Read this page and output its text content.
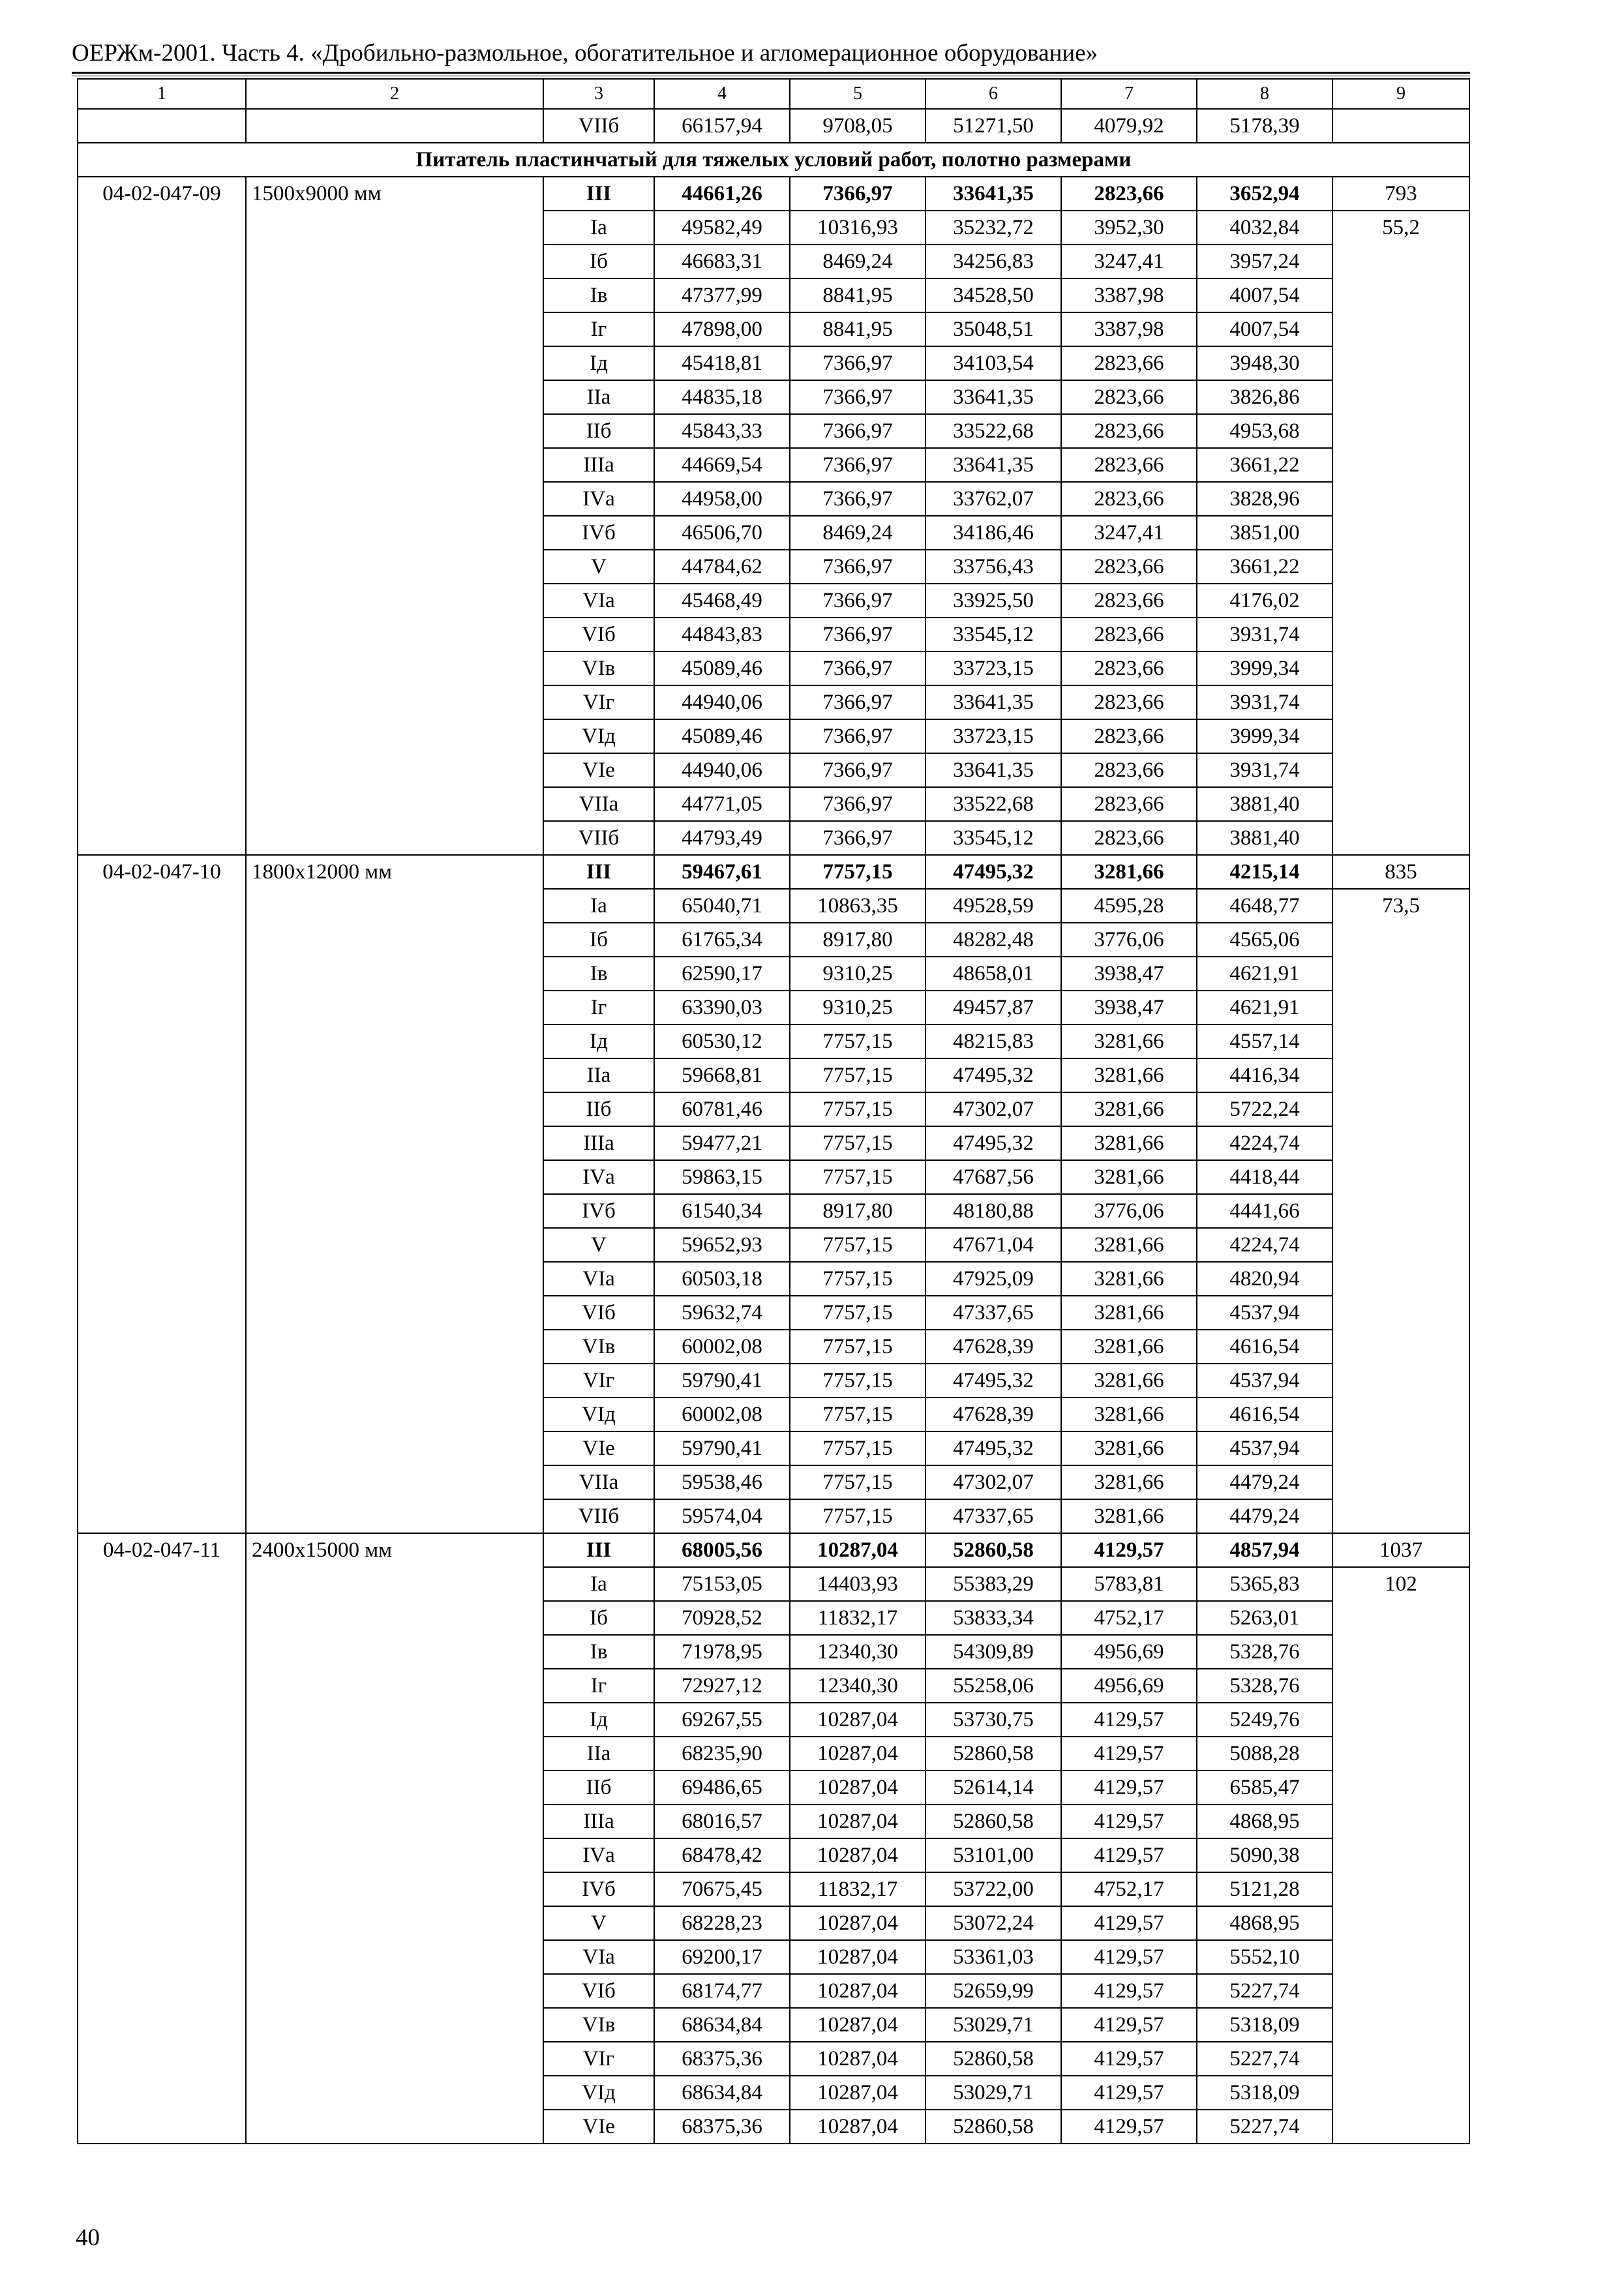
ОЕРЖм-2001. Часть 4. «Дробильно-размольное, обогатительное и агломерационное оборудование»
1	2	3	4	5	6	7	8	9
		VIIб	66157,94	9708,05	51271,50	4079,92	5178,39	
Питатель пластинчатый для тяжелых условий работ, полотно размерами								
04-02-047-09	1500х9000 мм	III	44661,26	7366,97	33641,35	2823,66	3652,94	793
		Iа	49582,49	10316,93	35232,72	3952,30	4032,84	55,2
		Iб	46683,31	8469,24	34256,83	3247,41	3957,24	
		Iв	47377,99	8841,95	34528,50	3387,98	4007,54	
		Iг	47898,00	8841,95	35048,51	3387,98	4007,54	
		Iд	45418,81	7366,97	34103,54	2823,66	3948,30	
		IIа	44835,18	7366,97	33641,35	2823,66	3826,86	
		IIб	45843,33	7366,97	33522,68	2823,66	4953,68	
		IIIа	44669,54	7366,97	33641,35	2823,66	3661,22	
		IVа	44958,00	7366,97	33762,07	2823,66	3828,96	
		IVб	46506,70	8469,24	34186,46	3247,41	3851,00	
		V	44784,62	7366,97	33756,43	2823,66	3661,22	
		VIа	45468,49	7366,97	33925,50	2823,66	4176,02	
		VIб	44843,83	7366,97	33545,12	2823,66	3931,74	
		VIв	45089,46	7366,97	33723,15	2823,66	3999,34	
		VIг	44940,06	7366,97	33641,35	2823,66	3931,74	
		VIд	45089,46	7366,97	33723,15	2823,66	3999,34	
		VIе	44940,06	7366,97	33641,35	2823,66	3931,74	
		VIIа	44771,05	7366,97	33522,68	2823,66	3881,40	
		VIIб	44793,49	7366,97	33545,12	2823,66	3881,40	
04-02-047-10	1800х12000 мм	III	59467,61	7757,15	47495,32	3281,66	4215,14	835
		Iа	65040,71	10863,35	49528,59	4595,28	4648,77	73,5
		Iб	61765,34	8917,80	48282,48	3776,06	4565,06	
		Iв	62590,17	9310,25	48658,01	3938,47	4621,91	
		Iг	63390,03	9310,25	49457,87	3938,47	4621,91	
		Iд	60530,12	7757,15	48215,83	3281,66	4557,14	
		IIа	59668,81	7757,15	47495,32	3281,66	4416,34	
		IIб	60781,46	7757,15	47302,07	3281,66	5722,24	
		IIIа	59477,21	7757,15	47495,32	3281,66	4224,74	
		IVа	59863,15	7757,15	47687,56	3281,66	4418,44	
		IVб	61540,34	8917,80	48180,88	3776,06	4441,66	
		V	59652,93	7757,15	47671,04	3281,66	4224,74	
		VIа	60503,18	7757,15	47925,09	3281,66	4820,94	
		VIб	59632,74	7757,15	47337,65	3281,66	4537,94	
		VIв	60002,08	7757,15	47628,39	3281,66	4616,54	
		VIг	59790,41	7757,15	47495,32	3281,66	4537,94	
		VIд	60002,08	7757,15	47628,39	3281,66	4616,54	
		VIе	59790,41	7757,15	47495,32	3281,66	4537,94	
		VIIа	59538,46	7757,15	47302,07	3281,66	4479,24	
		VIIб	59574,04	7757,15	47337,65	3281,66	4479,24	
04-02-047-11	2400х15000 мм	III	68005,56	10287,04	52860,58	4129,57	4857,94	1037
		Iа	75153,05	14403,93	55383,29	5783,81	5365,83	102
		Iб	70928,52	11832,17	53833,34	4752,17	5263,01	
		Iв	71978,95	12340,30	54309,89	4956,69	5328,76	
		Iг	72927,12	12340,30	55258,06	4956,69	5328,76	
		Iд	69267,55	10287,04	53730,75	4129,57	5249,76	
		IIа	68235,90	10287,04	52860,58	4129,57	5088,28	
		IIб	69486,65	10287,04	52614,14	4129,57	6585,47	
		IIIа	68016,57	10287,04	52860,58	4129,57	4868,95	
		IVа	68478,42	10287,04	53101,00	4129,57	5090,38	
		IVб	70675,45	11832,17	53722,00	4752,17	5121,28	
		V	68228,23	10287,04	53072,24	4129,57	4868,95	
		VIа	69200,17	10287,04	53361,03	4129,57	5552,10	
		VIб	68174,77	10287,04	52659,99	4129,57	5227,74	
		VIв	68634,84	10287,04	53029,71	4129,57	5318,09	
		VIг	68375,36	10287,04	52860,58	4129,57	5227,74	
		VIд	68634,84	10287,04	53029,71	4129,57	5318,09	
		VIе	68375,36	10287,04	52860,58	4129,57	5227,74	
40
